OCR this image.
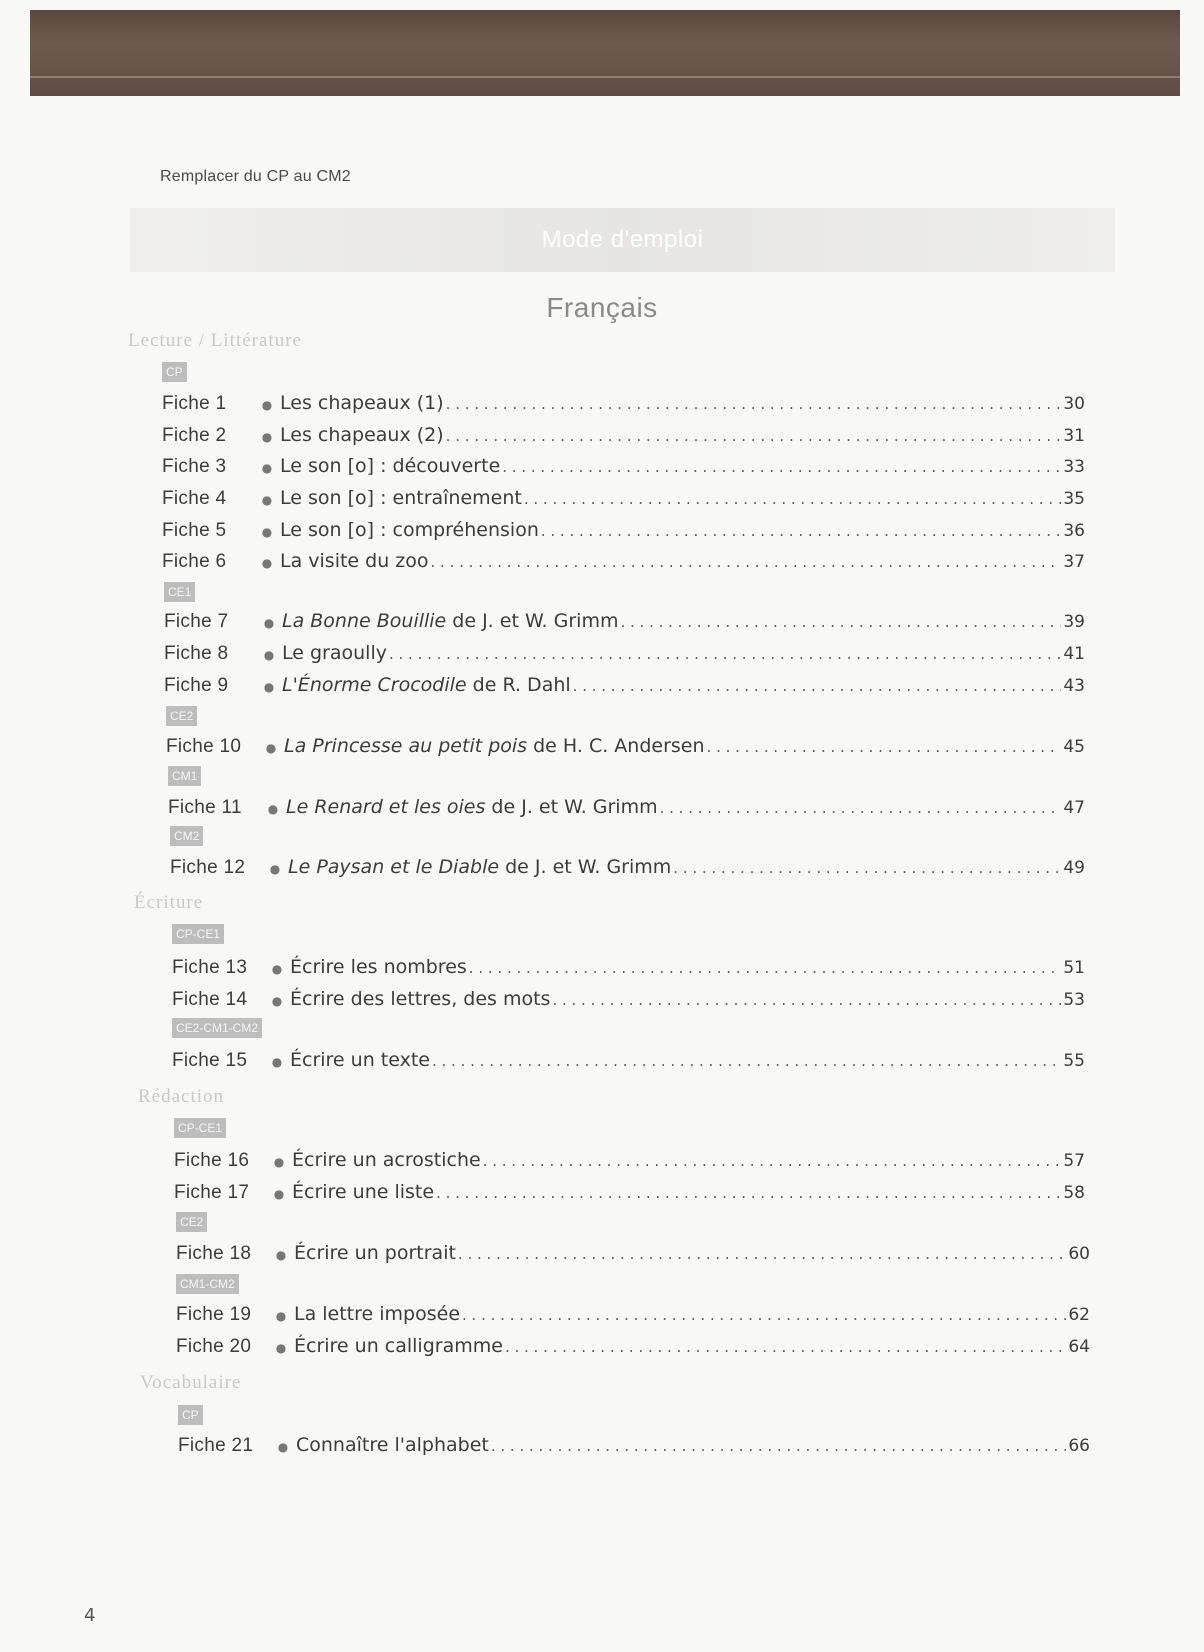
Remplacer du CP au CM2
Mode d'emploi
Français
Lecture / Littérature
CP
Fiche 1	● Les chapeaux (1) . . .	30
Fiche 2	● Les chapeaux (2) . . .	31
Fiche 3	● Le son [o] : découverte . . .	33
Fiche 4	● Le son [o] : entraînement . . .	35
Fiche 5	● Le son [o] : compréhension . . .	36
Fiche 6	● La visite du zoo . . .	37
CE1
Fiche 7	● La Bonne Bouillie de J. et W. Grimm . . .	39
Fiche 8	● Le graoully . . .	41
Fiche 9	● L'Énorme Crocodile de R. Dahl . . .	43
CE2
Fiche 10	● La Princesse au petit pois de H. C. Andersen . . .	45
CM1
Fiche 11	● Le Renard et les oies de J. et W. Grimm . . .	47
CM2
Fiche 12	● Le Paysan et le Diable de J. et W. Grimm . . .	49
Écriture
CP-CE1
Fiche 13	● Écrire les nombres . . .	51
Fiche 14	● Écrire des lettres, des mots . . .	53
CE2-CM1-CM2
Fiche 15	● Écrire un texte . . .	55
Rédaction
CP-CE1
Fiche 16	● Écrire un acrostiche . . .	57
Fiche 17	● Écrire une liste . . .	58
CE2
Fiche 18	● Écrire un portrait . . .	60
CM1-CM2
Fiche 19	● La lettre imposée . . .	62
Fiche 20	● Écrire un calligramme . . .	64
Vocabulaire
CP
Fiche 21	● Connaître l'alphabet . . .	66
4
